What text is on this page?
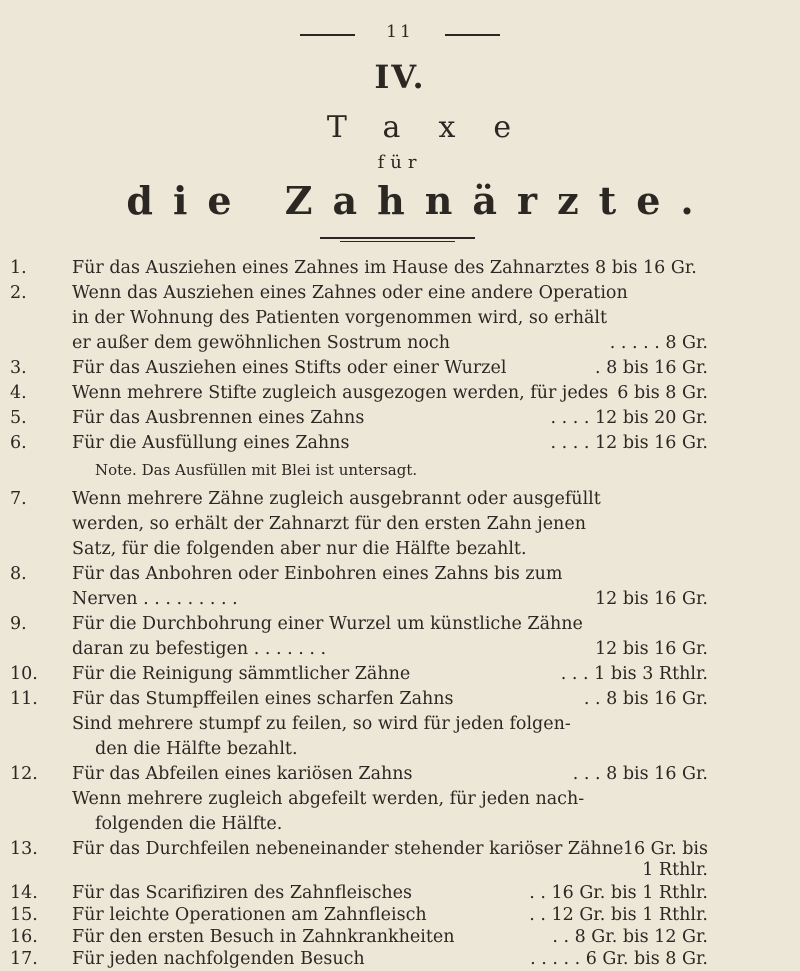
11
IV.
Taxe
für
die Zahnärzte.
1.	Für das Ausziehen eines Zahnes im Hause des Zahnarztes 8 bis 16 Gr.
2.	Wenn das Ausziehen eines Zahnes oder eine andere Operation
in der Wohnung des Patienten vorgenommen wird, so erhält
er außer dem gewöhnlichen Sostrum noch	. . . . . 8 Gr.
3.	Für das Ausziehen eines Stifts oder einer Wurzel	. 8 bis 16 Gr.
4.	Wenn mehrere Stifte zugleich ausgezogen werden, für jedes 6 bis 8 Gr.
5.	Für das Ausbrennen eines Zahns	. . . . 12 bis 20 Gr.
6.	Für die Ausfüllung eines Zahns	. . . . 12 bis 16 Gr.
Note. Das Ausfüllen mit Blei ist untersagt.
7.	Wenn mehrere Zähne zugleich ausgebrannt oder ausgefüllt
werden, so erhält der Zahnarzt für den ersten Zahn jenen
Satz, für die folgenden aber nur die Hälfte bezahlt.
8.	Für das Anbohren oder Einbohren eines Zahns bis zum
Nerven . . . . . . . . .	12 bis 16 Gr.
9.	Für die Durchbohrung einer Wurzel um künstliche Zähne
daran zu befestigen . . . . . . .	12 bis 16 Gr.
10.	Für die Reinigung sämmtlicher Zähne	. . . 1 bis 3 Rthlr.
11.	Für das Stumpffeilen eines scharfen Zahns	. . 8 bis 16 Gr.
Sind mehrere stumpf zu feilen, so wird für jeden folgen-
den die Hälfte bezahlt.
12.	Für das Abfeilen eines kariösen Zahns	. . . 8 bis 16 Gr.
Wenn mehrere zugleich abgefeilt werden, für jeden nach-
folgenden die Hälfte.
13.	Für das Durchfeilen nebeneinander stehender kariöser Zähne 16 Gr. bis
1 Rthlr.
14.	Für das Scarifiziren des Zahnfleisches	. . 16 Gr. bis 1 Rthlr.
15.	Für leichte Operationen am Zahnfleisch	. . 12 Gr. bis 1 Rthlr.
16.	Für den ersten Besuch in Zahnkrankheiten	. . 8 Gr. bis 12 Gr.
17.	Für jeden nachfolgenden Besuch	. . . . . 6 Gr. bis 8 Gr.
